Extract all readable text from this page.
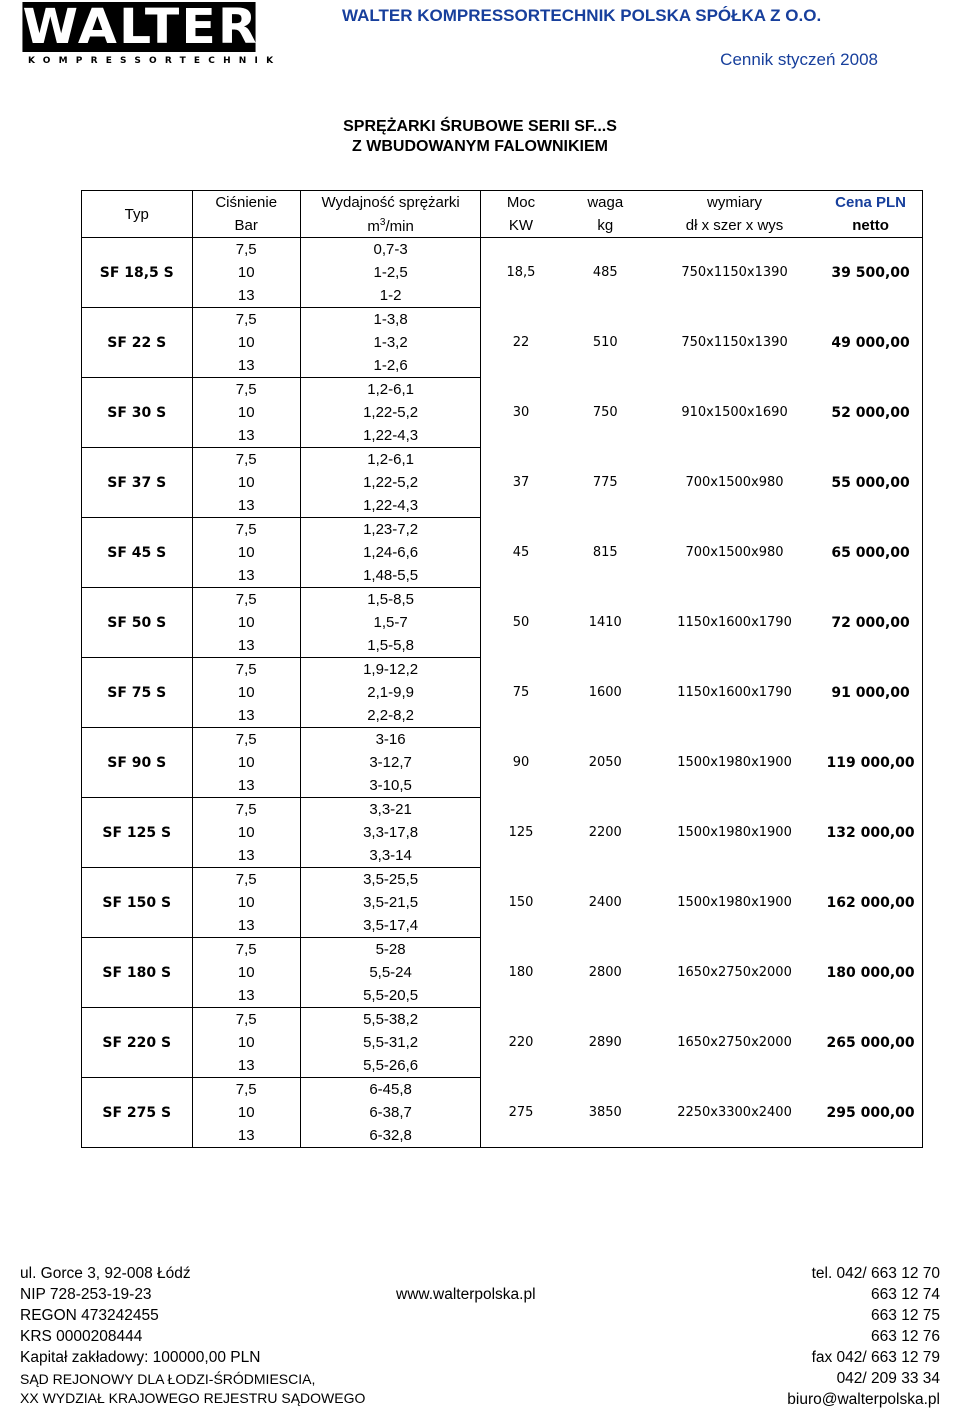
WALTER
KOMPRESSORTECHNIK
WALTER KOMPRESSORTECHNIK POLSKA SPÓŁKA Z O.O.
Cennik styczeń 2008
SPRĘŻARKI ŚRUBOWE SERII SF...S
Z WBUDOWANYM FALOWNIKIEM
Typ	Ciśnienie	Wydajność sprężarki	Moc	waga	wymiary	Cena PLN
	Bar	$m^3/\min$	KW	kg	dł x szer x wys	netto
	7,5	0,7-3				
SF 18,5 S	10	1-2,5	18,5	485	750x1150x1390	39 500,00
	13	1-2				
	7,5	1-3,8				
SF 22 S	10	1-3,2	22	510	750x1150x1390	49 000,00
	13	1-2,6				
	7,5	1,2-6,1				
SF 30 S	10	1,22-5,2	30	750	910x1500x1690	52 000,00
	13	1,22-4,3				
	7,5	1,2-6,1				
SF 37 S	10	1,22-5,2	37	775	700x1500x980	55 000,00
	13	1,22-4,3				
	7,5	1,23-7,2				
SF 45 S	10	1,24-6,6	45	815	700x1500x980	65 000,00
	13	1,48-5,5				
	7,5	1,5-8,5				
SF 50 S	10	1,5-7	50	1410	1150x1600x1790	72 000,00
	13	1,5-5,8				
	7,5	1,9-12,2				
SF 75 S	10	2,1-9,9	75	1600	1150x1600x1790	91 000,00
	13	2,2-8,2				
	7,5	3-16				
SF 90 S	10	3-12,7	90	2050	1500x1980x1900	119 000,00
	13	3-10,5				
	7,5	3,3-21				
SF 125 S	10	3,3-17,8	125	2200	1500x1980x1900	132 000,00
	13	3,3-14				
	7,5	3,5-25,5				
SF 150 S	10	3,5-21,5	150	2400	1500x1980x1900	162 000,00
	13	3,5-17,4				
	7,5	5-28				
SF 180 S	10	5,5-24	180	2800	1650x2750x2000	180 000,00
	13	5,5-20,5				
	7,5	5,5-38,2				
SF 220 S	10	5,5-31,2	220	2890	1650x2750x2000	265 000,00
	13	5,5-26,6				
	7,5	6-45,8				
SF 275 S	10	6-38,7	275	3850	2250x3300x2400	295 000,00
	13	6-32,8				
ul. Gorce 3, 92-008 Łódź
NIP 728-253-19-23
REGON 473242455
KRS 0000208444
Kapitał zakładowy: 100000,00 PLN
SĄD REJONOWY DLA ŁODZI-ŚRÓDMIESCIA,
XX WYDZIAŁ KRAJOWEGO REJESTRU SĄDOWEGO
www.walterpolska.pl
tel. 042/ 663 12 70
663 12 74
663 12 75
663 12 76
fax 042/ 663 12 79
042/ 209 33 34
biuro@walterpolska.pl
